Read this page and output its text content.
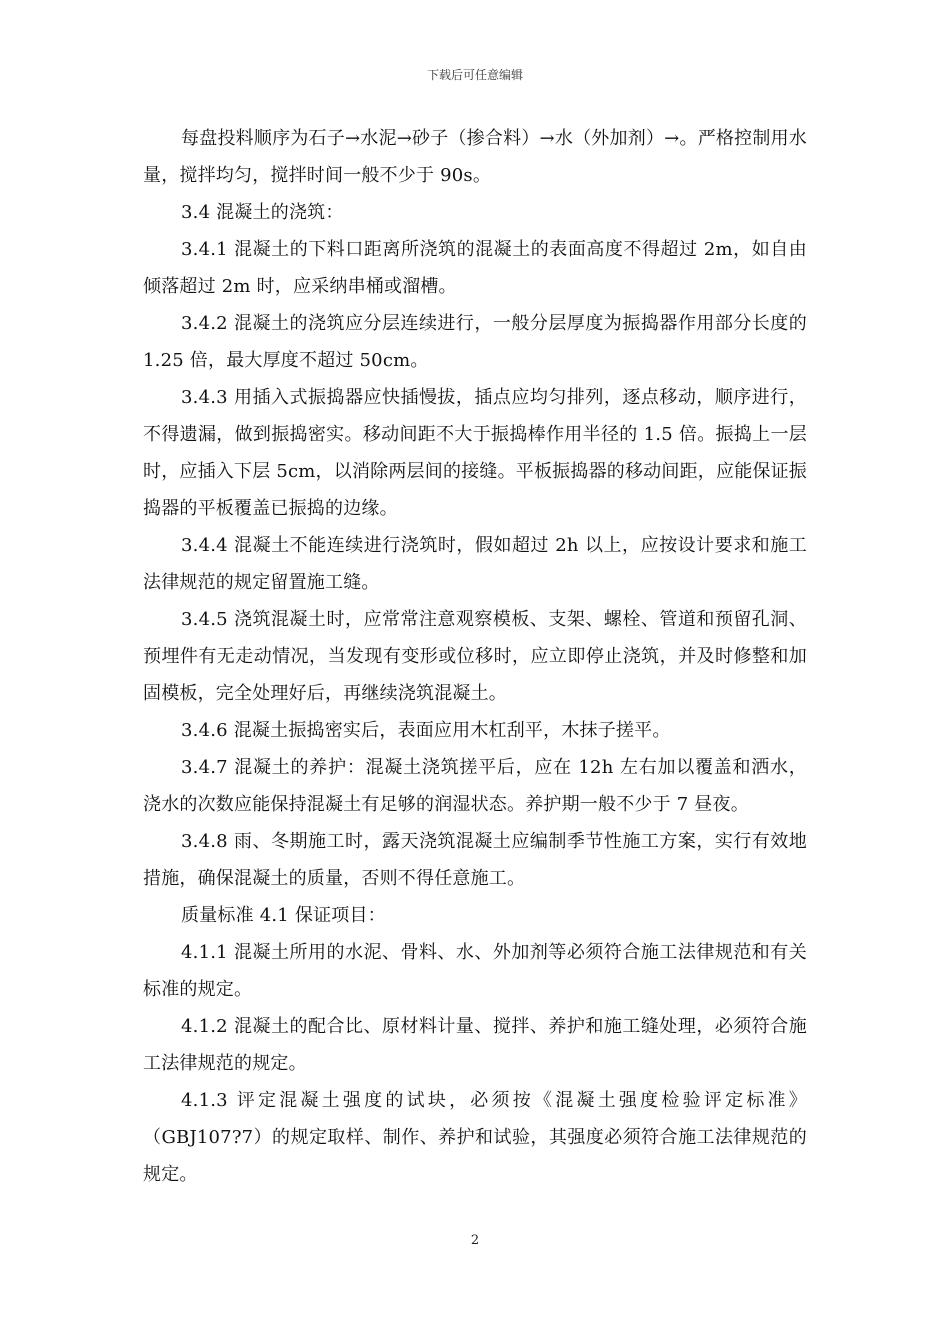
下载后可任意编辑

每盘投料顺序为石子→水泥→砂子（掺合料）→水（外加剂）→。严格控制用水量，搅拌均匀，搅拌时间一般不少于 90s。

3.4 混凝土的浇筑：

3.4.1 混凝土的下料口距离所浇筑的混凝土的表面高度不得超过 2m，如自由倾落超过 2m 时，应采纳串桶或溜槽。

3.4.2 混凝土的浇筑应分层连续进行，一般分层厚度为振捣器作用部分长度的 1.25 倍，最大厚度不超过 50cm。

3.4.3 用插入式振捣器应快插慢拔，插点应均匀排列，逐点移动，顺序进行，不得遗漏，做到振捣密实。移动间距不大于振捣棒作用半径的 1.5 倍。振捣上一层时，应插入下层 5cm，以消除两层间的接缝。平板振捣器的移动间距，应能保证振捣器的平板覆盖已振捣的边缘。

3.4.4 混凝土不能连续进行浇筑时，假如超过 2h 以上，应按设计要求和施工法律规范的规定留置施工缝。

3.4.5 浇筑混凝土时，应常常注意观察模板、支架、螺栓、管道和预留孔洞、预埋件有无走动情况，当发现有变形或位移时，应立即停止浇筑，并及时修整和加固模板，完全处理好后，再继续浇筑混凝土。

3.4.6 混凝土振捣密实后，表面应用木杠刮平，木抹子搓平。

3.4.7 混凝土的养护：混凝土浇筑搓平后，应在 12h 左右加以覆盖和洒水，浇水的次数应能保持混凝土有足够的润湿状态。养护期一般不少于 7 昼夜。

3.4.8 雨、冬期施工时，露天浇筑混凝土应编制季节性施工方案，实行有效地措施，确保混凝土的质量，否则不得任意施工。

质量标准 4.1 保证项目：

4.1.1 混凝土所用的水泥、骨料、水、外加剂等必须符合施工法律规范和有关标准的规定。

4.1.2 混凝土的配合比、原材料计量、搅拌、养护和施工缝处理，必须符合施工法律规范的规定。

4.1.3 评定混凝土强度的试块，必须按《混凝土强度检验评定标准》（GBJ107?7）的规定取样、制作、养护和试验，其强度必须符合施工法律规范的规定。

2
